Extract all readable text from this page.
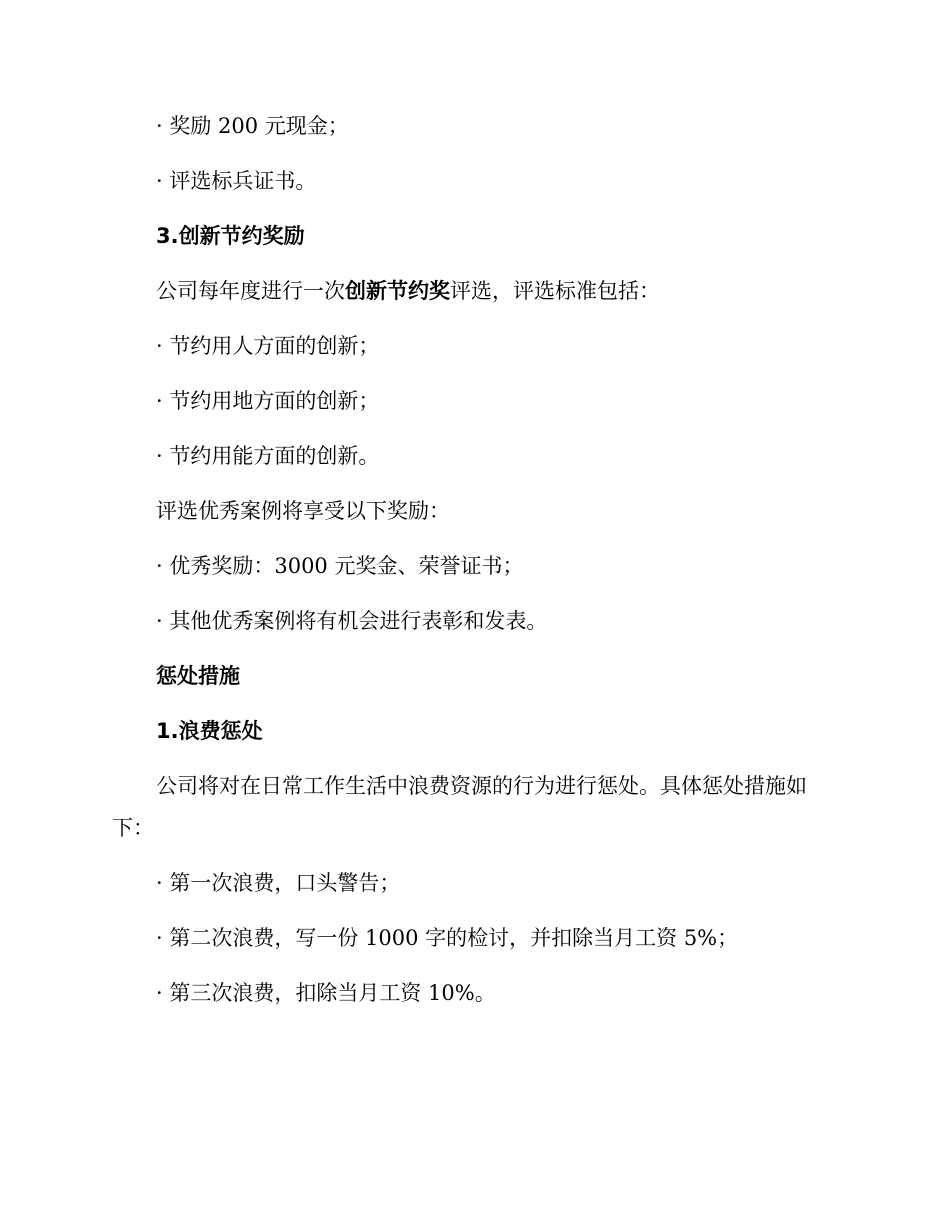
· 奖励 200 元现金；
· 评选标兵证书。
3.创新节约奖励
公司每年度进行一次创新节约奖评选，评选标准包括：
· 节约用人方面的创新；
· 节约用地方面的创新；
· 节约用能方面的创新。
评选优秀案例将享受以下奖励：
· 优秀奖励：3000 元奖金、荣誉证书；
· 其他优秀案例将有机会进行表彰和发表。
惩处措施
1.浪费惩处
公司将对在日常工作生活中浪费资源的行为进行惩处。具体惩处措施如
下：
· 第一次浪费，口头警告；
· 第二次浪费，写一份 1000 字的检讨，并扣除当月工资 5%；
· 第三次浪费，扣除当月工资 10%。
